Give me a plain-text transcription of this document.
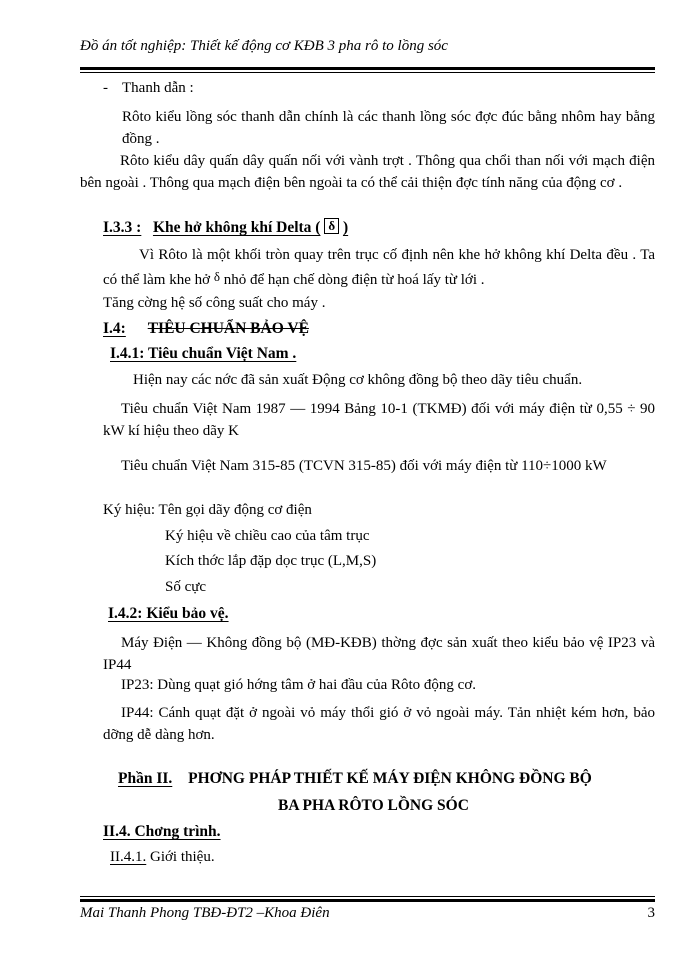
Đồ án tốt nghiệp: Thiết kế động cơ KĐB 3 pha rô to lồng sóc
- Thanh dẫn :
Rôto kiểu lồng sóc thanh dẫn chính là các thanh lồng sóc đợc đúc bằng nhôm hay bằng đồng .
Rôto kiểu dây quấn dây quấn nối với vành trợt . Thông qua chổi than nối với mạch điện bên ngoài . Thông qua mạch điện bên ngoài ta có thể cải thiện đợc tính năng của động cơ .
I.3.3 : Khe hở không khí Delta ( δ )
Vì Rôto là một khối tròn quay trên trục cố định nên khe hở không khí Delta đều . Ta có thể làm khe hở δ nhỏ để hạn chế dòng điện từ hoá lấy từ lới .
Tăng cờng hệ số công suất cho máy .
I.4: TIÊU CHUẨN BẢO VỆ
I.4.1: Tiêu chuẩn Việt Nam .
Hiện nay các nớc đã sản xuất Động cơ không đồng bộ theo dãy tiêu chuẩn.
Tiêu chuẩn Việt Nam 1987 — 1994 Bảng 10-1 (TKMĐ) đối với máy điện từ 0,55 ÷ 90 kW kí hiệu theo dãy K
Tiêu chuẩn Việt Nam 315-85 (TCVN 315-85) đối với máy điện từ 110÷1000 kW
Ký hiệu: Tên gọi dãy động cơ điện
Ký hiệu về chiều cao của tâm trục
Kích thớc lắp đặp dọc trục (L,M,S)
Số cực
I.4.2: Kiểu bảo vệ.
Máy Điện — Không đồng bộ (MĐ-KĐB) thờng đợc sản xuất theo kiểu bảo vệ IP23 và IP44
IP23: Dùng quạt gió hớng tâm ở hai đầu của Rôto động cơ.
IP44: Cánh quạt đặt ở ngoài vỏ máy thổi gió ở vỏ ngoài máy. Tản nhiệt kém hơn, bảo dỡng dễ dàng hơn.
Phần II. PHƠNG PHÁP THIẾT KẾ MÁY ĐIỆN KHÔNG ĐỒNG BỘ
BA PHA RÔTO LỒNG SÓC
II.4. Chơng trình.
II.4.1. Giới thiệu.
Mai Thanh Phong TBĐ-ĐT2 –Khoa Điên	3
